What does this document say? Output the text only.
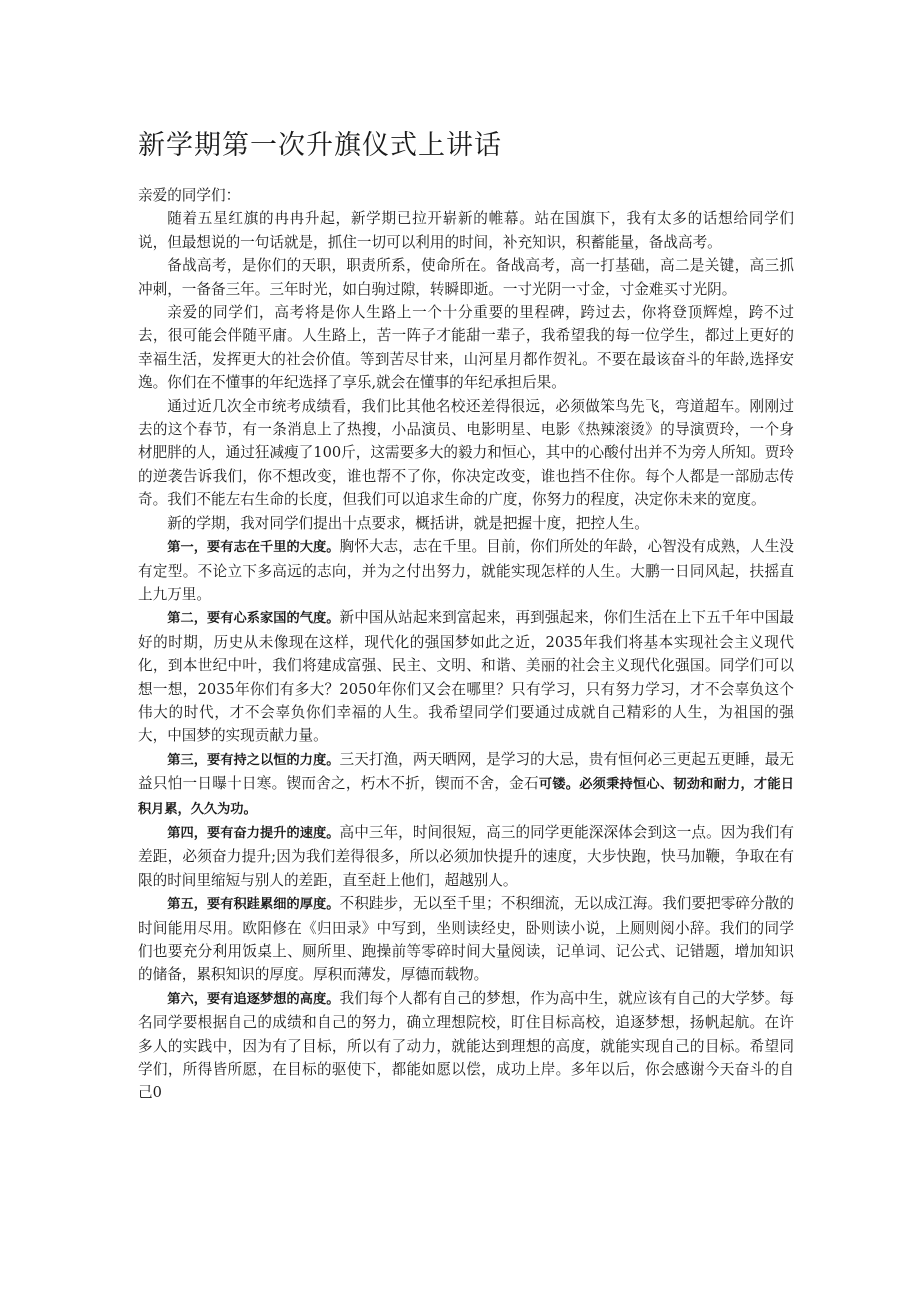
新学期第一次升旗仪式上讲话

亲爱的同学们：

随着五星红旗的冉冉升起，新学期已拉开崭新的帷幕。站在国旗下，我有太多的话想给同学们说，但最想说的一句话就是，抓住一切可以利用的时间，补充知识，积蓄能量，备战高考。

备战高考，是你们的天职，职责所系，使命所在。备战高考，高一打基础，高二是关键，高三抓冲刺，一备备三年。三年时光，如白驹过隙，转瞬即逝。一寸光阴一寸金，寸金难买寸光阴。

亲爱的同学们，高考将是你人生路上一个十分重要的里程碑，跨过去，你将登顶辉煌，跨不过去，很可能会伴随平庸。人生路上，苦一阵子才能甜一辈子，我希望我的每一位学生，都过上更好的幸福生活，发挥更大的社会价值。等到苦尽甘来，山河星月都作贺礼。不要在最该奋斗的年龄,选择安逸。你们在不懂事的年纪选择了享乐,就会在懂事的年纪承担后果。

通过近几次全市统考成绩看，我们比其他名校还差得很远，必须做笨鸟先飞，弯道超车。刚刚过去的这个春节，有一条消息上了热搜，小品演员、电影明星、电影《热辣滚烫》的导演贾玲，一个身材肥胖的人，通过狂减瘦了100斤，这需要多大的毅力和恒心，其中的心酸付出并不为旁人所知。贾玲的逆袭告诉我们，你不想改变，谁也帮不了你，你决定改变，谁也挡不住你。每个人都是一部励志传奇。我们不能左右生命的长度，但我们可以追求生命的广度，你努力的程度，决定你未来的宽度。

新的学期，我对同学们提出十点要求，概括讲，就是把握十度，把控人生。

第一，要有志在千里的大度。胸怀大志，志在千里。目前，你们所处的年龄，心智没有成熟，人生没有定型。不论立下多高远的志向，并为之付出努力，就能实现怎样的人生。大鹏一日同风起，扶摇直上九万里。

第二，要有心系家国的气度。新中国从站起来到富起来，再到强起来，你们生活在上下五千年中国最好的时期，历史从未像现在这样，现代化的强国梦如此之近，2035年我们将基本实现社会主义现代化，到本世纪中叶，我们将建成富强、民主、文明、和谐、美丽的社会主义现代化强国。同学们可以想一想，2035年你们有多大？2050年你们又会在哪里？只有学习，只有努力学习，才不会辜负这个伟大的时代，才不会辜负你们幸福的人生。我希望同学们要通过成就自己精彩的人生，为祖国的强大，中国梦的实现贡献力量。

第三，要有持之以恒的力度。三天打渔，两天晒网，是学习的大忌，贵有恒何必三更起五更睡，最无益只怕一日曝十日寒。锲而舍之，朽木不折，锲而不舍，金石可镂。必须秉持恒心、韧劲和耐力，才能日积月累，久久为功。

第四，要有奋力提升的速度。高中三年，时间很短，高三的同学更能深深体会到这一点。因为我们有差距，必须奋力提升;因为我们差得很多，所以必须加快提升的速度，大步快跑，快马加鞭，争取在有限的时间里缩短与别人的差距，直至赶上他们，超越别人。

第五，要有积跬累细的厚度。不积跬步，无以至千里；不积细流，无以成江海。我们要把零碎分散的时间能用尽用。欧阳修在《归田录》中写到，坐则读经史，卧则读小说，上厕则阅小辞。我们的同学们也要充分利用饭桌上、厕所里、跑操前等零碎时间大量阅读，记单词、记公式、记错题，增加知识的储备，累积知识的厚度。厚积而薄发，厚德而载物。

第六，要有追逐梦想的高度。我们每个人都有自己的梦想，作为高中生，就应该有自己的大学梦。每名同学要根据自己的成绩和自己的努力，确立理想院校，盯住目标高校，追逐梦想，扬帆起航。在许多人的实践中，因为有了目标，所以有了动力，就能达到理想的高度，就能实现自己的目标。希望同学们，所得皆所愿，在目标的驱使下，都能如愿以偿，成功上岸。多年以后，你会感谢今天奋斗的自己0
